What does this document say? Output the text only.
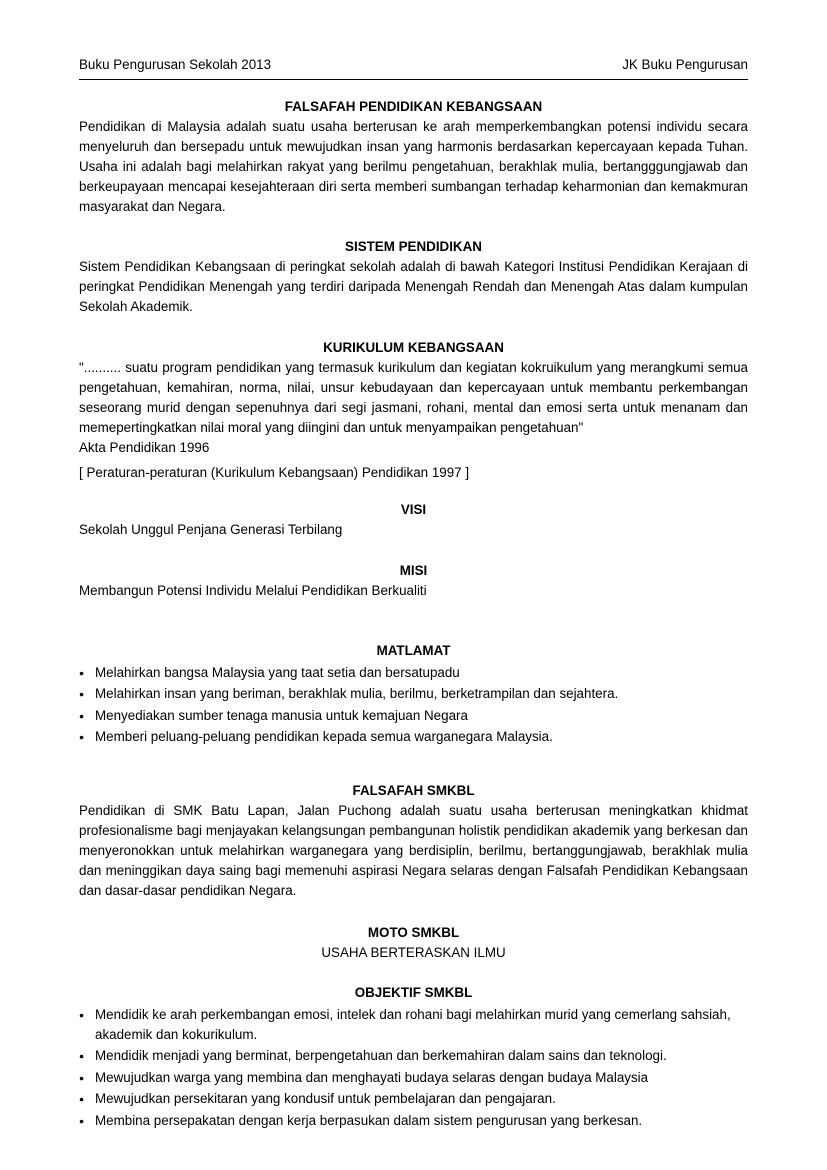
Buku Pengurusan Sekolah 2013	JK Buku Pengurusan

FALSAFAH PENDIDIKAN KEBANGSAAN

Pendidikan di Malaysia adalah suatu usaha berterusan ke arah memperkembangkan potensi individu secara menyeluruh dan bersepadu untuk mewujudkan insan yang harmonis berdasarkan kepercayaan kepada Tuhan. Usaha ini adalah bagi melahirkan rakyat yang berilmu pengetahuan, berakhlak mulia, bertangggungjawab dan berkeupayaan mencapai kesejahteraan diri serta memberi sumbangan terhadap keharmonian dan kemakmuran masyarakat dan Negara.

SISTEM PENDIDIKAN

Sistem Pendidikan Kebangsaan di peringkat sekolah adalah di bawah Kategori Institusi Pendidikan Kerajaan di peringkat Pendidikan Menengah yang terdiri daripada Menengah Rendah dan Menengah Atas dalam kumpulan Sekolah Akademik.

KURIKULUM KEBANGSAAN

".......... suatu program pendidikan yang termasuk kurikulum dan kegiatan kokruikulum yang merangkumi semua pengetahuan, kemahiran, norma, nilai, unsur kebudayaan dan kepercayaan untuk membantu perkembangan seseorang murid dengan sepenuhnya dari segi jasmani, rohani, mental dan emosi serta untuk menanam dan memepertingkatkan nilai moral yang diingini dan untuk menyampaikan pengetahuan"

Akta Pendidikan 1996

[ Peraturan-peraturan (Kurikulum Kebangsaan) Pendidikan 1997 ]

VISI

Sekolah Unggul Penjana Generasi Terbilang

MISI

Membangun Potensi Individu Melalui Pendidikan Berkualiti

MATLAMAT

● Melahirkan bangsa Malaysia yang taat setia dan bersatupadu
● Melahirkan insan yang beriman, berakhlak mulia, berilmu, berketrampilan dan sejahtera.
● Menyediakan sumber tenaga manusia untuk kemajuan Negara
● Memberi peluang-peluang pendidikan kepada semua warganegara Malaysia.

FALSAFAH SMKBL

Pendidikan di SMK Batu Lapan, Jalan Puchong adalah suatu usaha berterusan meningkatkan khidmat profesionalisme bagi menjayakan kelangsungan pembangunan holistik pendidikan akademik yang berkesan dan menyeronokkan untuk melahirkan warganegara yang berdisiplin, berilmu, bertanggungjawab, berakhlak mulia dan meninggikan daya saing bagi memenuhi aspirasi Negara selaras dengan Falsafah Pendidikan Kebangsaan dan dasar-dasar pendidikan Negara.

MOTO SMKBL

USAHA BERTERASKAN ILMU

OBJEKTIF SMKBL

● Mendidik ke arah perkembangan emosi, intelek dan rohani bagi melahirkan murid yang cemerlang sahsiah, akademik dan kokurikulum.
● Mendidik menjadi yang berminat, berpengetahuan dan berkemahiran dalam sains dan teknologi.
● Mewujudkan warga yang membina dan menghayati budaya selaras dengan budaya Malaysia
● Mewujudkan persekitaran yang kondusif untuk pembelajaran dan pengajaran.
● Membina persepakatan dengan kerja berpasukan dalam sistem pengurusan yang berkesan.
